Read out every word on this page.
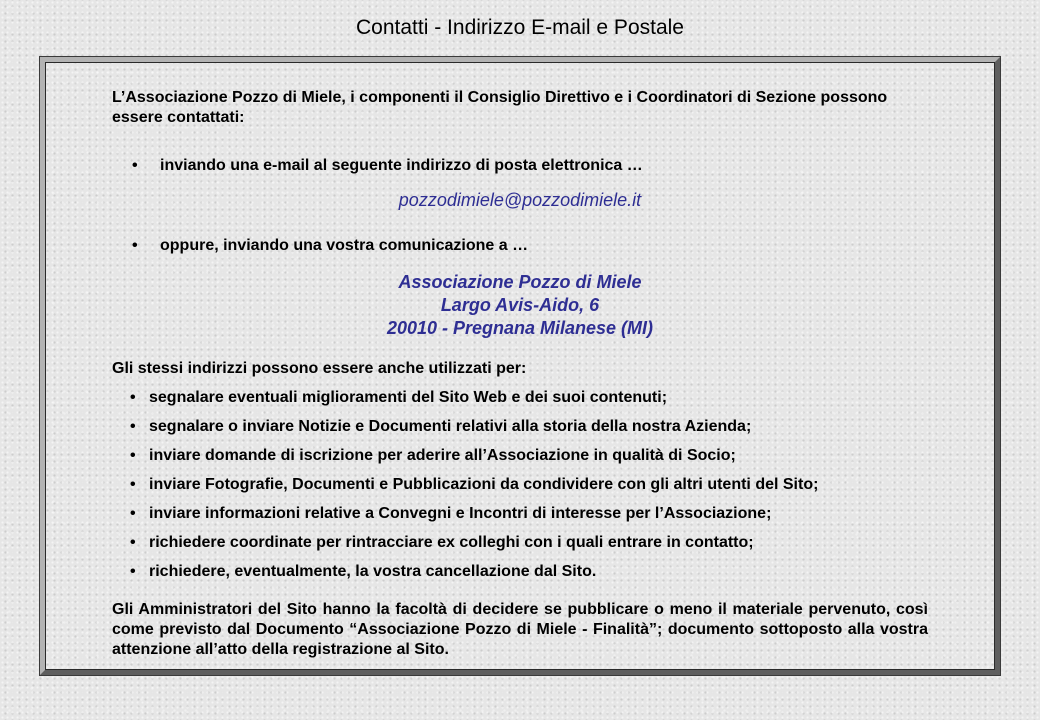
Contatti - Indirizzo E-mail e Postale

L’Associazione Pozzo di Miele, i componenti il Consiglio Direttivo e i Coordinatori di Sezione possono essere contattati:

• inviando una e-mail al seguente indirizzo di posta elettronica …
pozzodimiele@pozzodimiele.it
• oppure, inviando una vostra comunicazione a …
Associazione Pozzo di Miele
Largo Avis-Aido, 6
20010 - Pregnana Milanese (MI)

Gli stessi indirizzi possono essere anche utilizzati per:

• segnalare eventuali miglioramenti del Sito Web e dei suoi contenuti;
• segnalare o inviare Notizie e Documenti relativi alla storia della nostra Azienda;
• inviare domande di iscrizione per aderire all’Associazione in qualità di Socio;
• inviare Fotografie, Documenti e Pubblicazioni da condividere con gli altri utenti del Sito;
• inviare informazioni relative a Convegni e Incontri di interesse per l’Associazione;
• richiedere coordinate per rintracciare ex colleghi con i quali entrare in contatto;
• richiedere, eventualmente, la vostra cancellazione dal Sito.

Gli Amministratori del Sito hanno la facoltà di decidere se pubblicare o meno il materiale pervenuto, così come previsto dal Documento “Associazione Pozzo di Miele - Finalità”; documento sottoposto alla vostra attenzione all’atto della registrazione al Sito.
